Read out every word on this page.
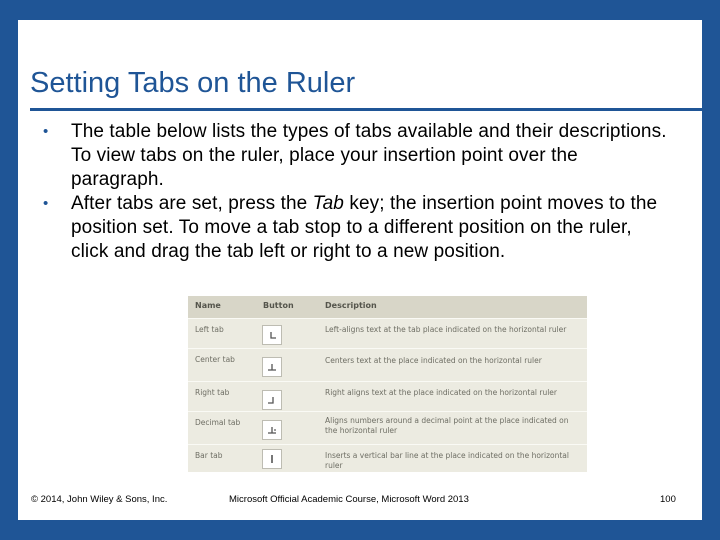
Setting Tabs on the Ruler
• The table below lists the types of tabs available and their descriptions. To view tabs on the ruler, place your insertion point over the paragraph.
• After tabs are set, press the Tab key; the insertion point moves to the position set. To move a tab stop to a different position on the ruler, click and drag the tab left or right to a new position.
Name	Button	Description
Left tab	Left-aligns text at the tab place indicated on the horizontal ruler
Center tab	Centers text at the place indicated on the horizontal ruler
Right tab	Right aligns text at the place indicated on the horizontal ruler
Decimal tab	Aligns numbers around a decimal point at the place indicated on the horizontal ruler
Bar tab	Inserts a vertical bar line at the place indicated on the horizontal ruler
© 2014, John Wiley & Sons, Inc.	Microsoft Official Academic Course, Microsoft Word 2013	100
